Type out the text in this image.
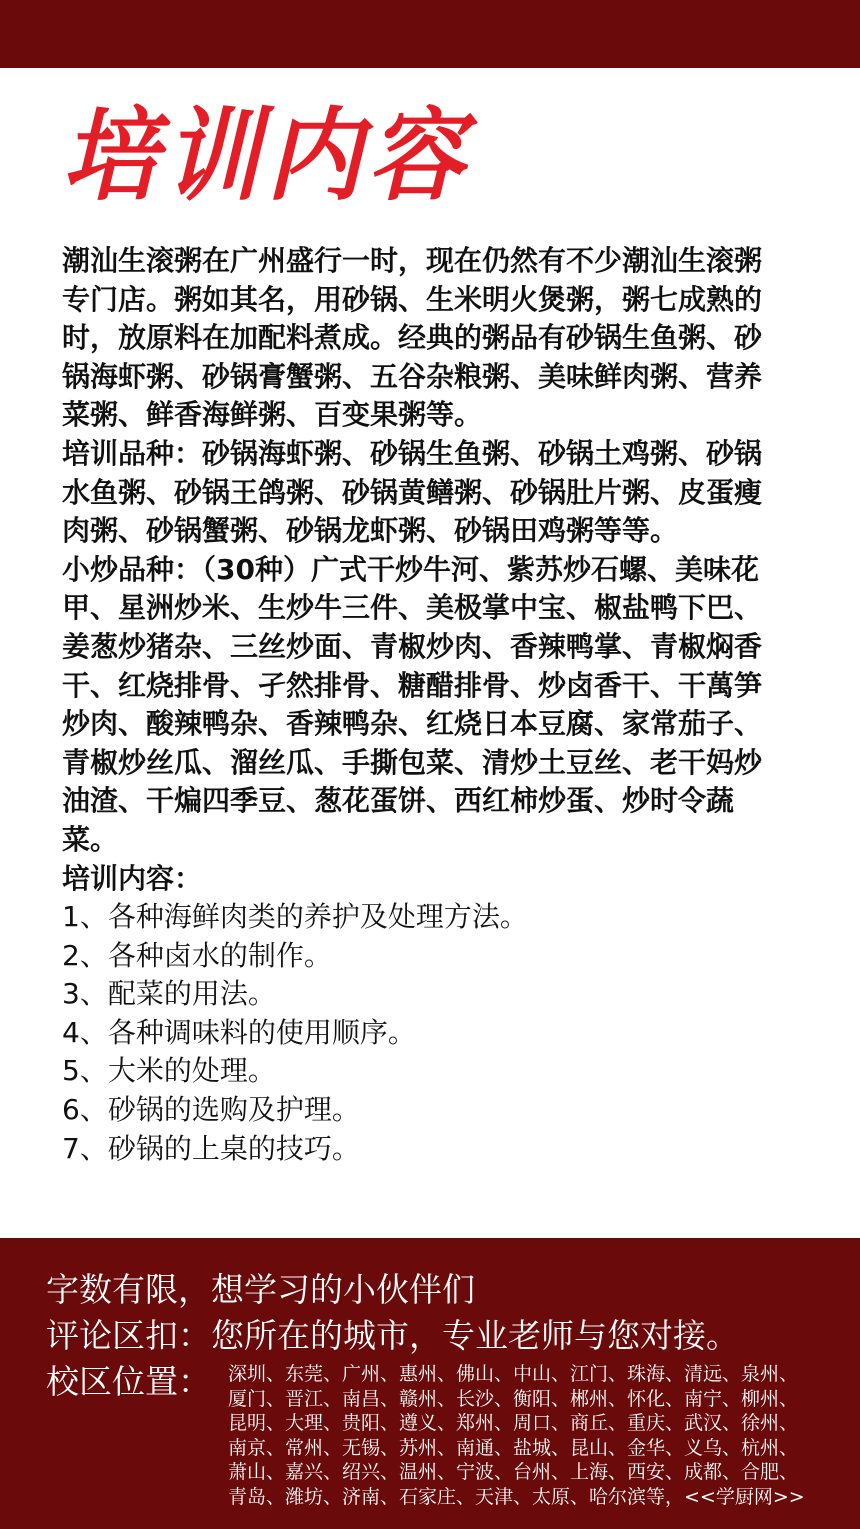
培训内容

潮汕生滚粥在广州盛行一时，现在仍然有不少潮汕生滚粥专门店。粥如其名，用砂锅、生米明火煲粥，粥七成熟的时，放原料在加配料煮成。经典的粥品有砂锅生鱼粥、砂锅海虾粥、砂锅膏蟹粥、五谷杂粮粥、美味鲜肉粥、营养菜粥、鲜香海鲜粥、百变果粥等。

培训品种：砂锅海虾粥、砂锅生鱼粥、砂锅土鸡粥、砂锅水鱼粥、砂锅王鸽粥、砂锅黄鳝粥、砂锅肚片粥、皮蛋瘦肉粥、砂锅蟹粥、砂锅龙虾粥、砂锅田鸡粥等等。

小炒品种：（30种）广式干炒牛河、紫苏炒石螺、美味花甲、星洲炒米、生炒牛三件、美极掌中宝、椒盐鸭下巴、姜葱炒猪杂、三丝炒面、青椒炒肉、香辣鸭掌、青椒焖香干、红烧排骨、孑然排骨、糖醋排骨、炒卤香干、干萬笋炒肉、酸辣鸭杂、香辣鸭杂、红烧日本豆腐、家常茄子、青椒炒丝瓜、溜丝瓜、手撕包菜、清炒土豆丝、老干妈炒油渣、干煸四季豆、葱花蛋饼、西红柿炒蛋、炒时令蔬菜。

培训内容：

1、各种海鲜肉类的养护及处理方法。
2、各种卤水的制作。
3、配菜的用法。
4、各种调味料的使用顺序。
5、大米的处理。
6、砂锅的选购及护理。
7、砂锅的上桌的技巧。
字数有限，想学习的小伙伴们
评论区扣：您所在的城市，专业老师与您对接。
校区位置： 深圳、东莞、广州、惠州、佛山、中山、江门、珠海、清远、泉州、
厦门、晋江、南昌、赣州、长沙、衡阳、郴州、怀化、南宁、柳州、
昆明、大理、贵阳、遵义、郑州、周口、商丘、重庆、武汉、徐州、
南京、常州、无锡、苏州、南通、盐城、昆山、金华、义乌、杭州、
萧山、嘉兴、绍兴、温州、宁波、台州、上海、西安、成都、合肥、
青岛、潍坊、济南、石家庄、天津、太原、哈尔滨等，<<学厨网>>
